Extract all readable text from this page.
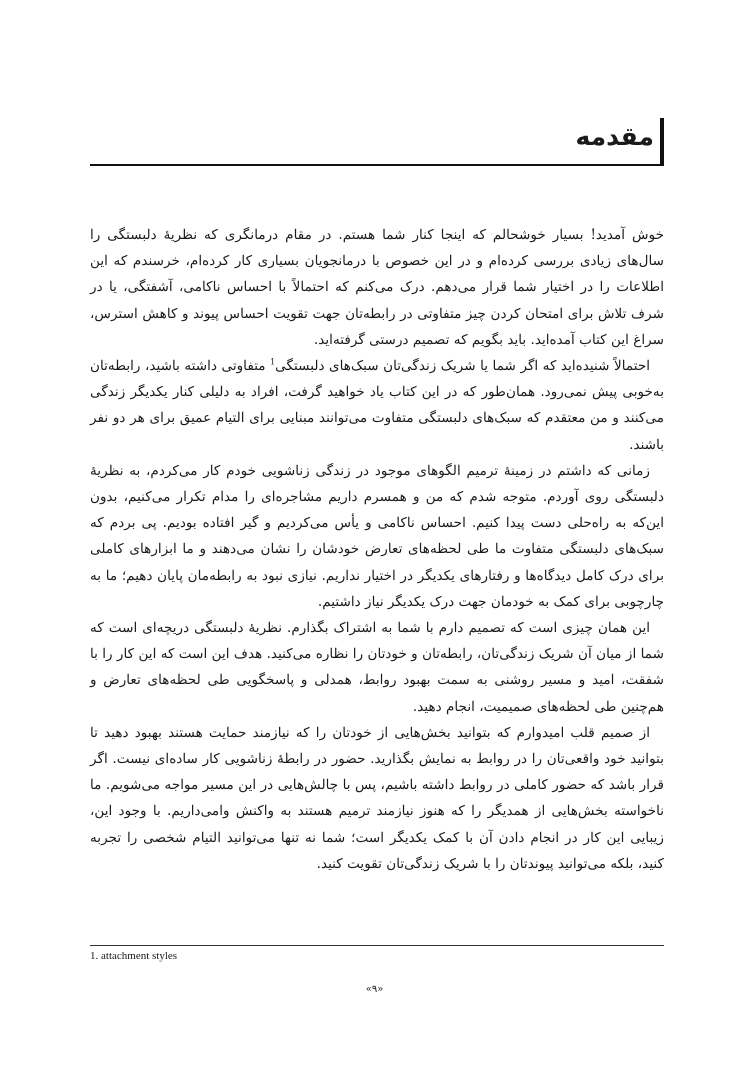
مقدمه

خوش آمدید! بسیار خوشحالم که اینجا کنار شما هستم. در مقام درمانگری که نظریهٔ دلبستگی را سال‌های زیادی بررسی کرده‌ام و در این خصوص با درمانجویان بسیاری کار کرده‌ام، خرسندم که این اطلاعات را در اختیار شما قرار می‌دهم. درک می‌کنم که احتمالاً با احساس ناکامی، آشفتگی، یا در شرف تلاش برای امتحان کردن چیز متفاوتی در رابطه‌تان جهت تقویت احساس پیوند و کاهش استرس، سراغ این کتاب آمده‌اید. باید بگویم که تصمیم درستی گرفته‌اید.

احتمالاً شنیده‌اید که اگر شما یا شریک زندگی‌تان سبک‌های دلبستگی$^1$ متفاوتی داشته باشید، رابطه‌تان به‌خوبی پیش نمی‌رود. همان‌طور که در این کتاب یاد خواهید گرفت، افراد به دلیلی کنار یکدیگر زندگی می‌کنند و من معتقدم که سبک‌های دلبستگی متفاوت می‌توانند مبنایی برای التیام عمیق برای هر دو نفر باشند.

زمانی که داشتم در زمینهٔ ترمیم الگوهای موجود در زندگی زناشویی خودم کار می‌کردم، به نظریهٔ دلبستگی روی آوردم. متوجه شدم که من و همسرم داریم مشاجره‌ای را مدام تکرار می‌کنیم، بدون این‌که به راه‌حلی دست پیدا کنیم. احساس ناکامی و یأس می‌کردیم و گیر افتاده بودیم. پی بردم که سبک‌های دلبستگی متفاوت ما طی لحظه‌های تعارض خودشان را نشان می‌دهند و ما ابزارهای کاملی برای درک کامل دیدگاه‌ها و رفتارهای یکدیگر در اختیار نداریم. نیازی نبود به رابطه‌مان پایان دهیم؛ ما به چارچوبی برای کمک به خودمان جهت درک یکدیگر نیاز داشتیم.

این همان چیزی است که تصمیم دارم با شما به اشتراک بگذارم. نظریهٔ دلبستگی دریچه‌ای است که شما از میان آن شریک زندگی‌تان، رابطه‌تان و خودتان را نظاره می‌کنید. هدف این است که این کار را با شفقت، امید و مسیر روشنی به سمت بهبود روابط، همدلی و پاسخگویی طی لحظه‌های تعارض و هم‌چنین طی لحظه‌های صمیمیت، انجام دهید.

از صمیم قلب امیدوارم که بتوانید بخش‌هایی از خودتان را که نیازمند حمایت هستند بهبود دهید تا بتوانید خود واقعی‌تان را در روابط به نمایش بگذارید. حضور در رابطهٔ زناشویی کار ساده‌ای نیست. اگر قرار باشد که حضور کاملی در روابط داشته باشیم، پس با چالش‌هایی در این مسیر مواجه می‌شویم. ما ناخواسته بخش‌هایی از همدیگر را که هنوز نیازمند ترمیم هستند به واکنش وامی‌داریم. با وجود این، زیبایی این کار در انجام دادن آن با کمک یکدیگر است؛ شما نه تنها می‌توانید التیام شخصی را تجربه کنید، بلکه می‌توانید پیوندتان را با شریک زندگی‌تان تقویت کنید.

1. attachment styles
«۹»
